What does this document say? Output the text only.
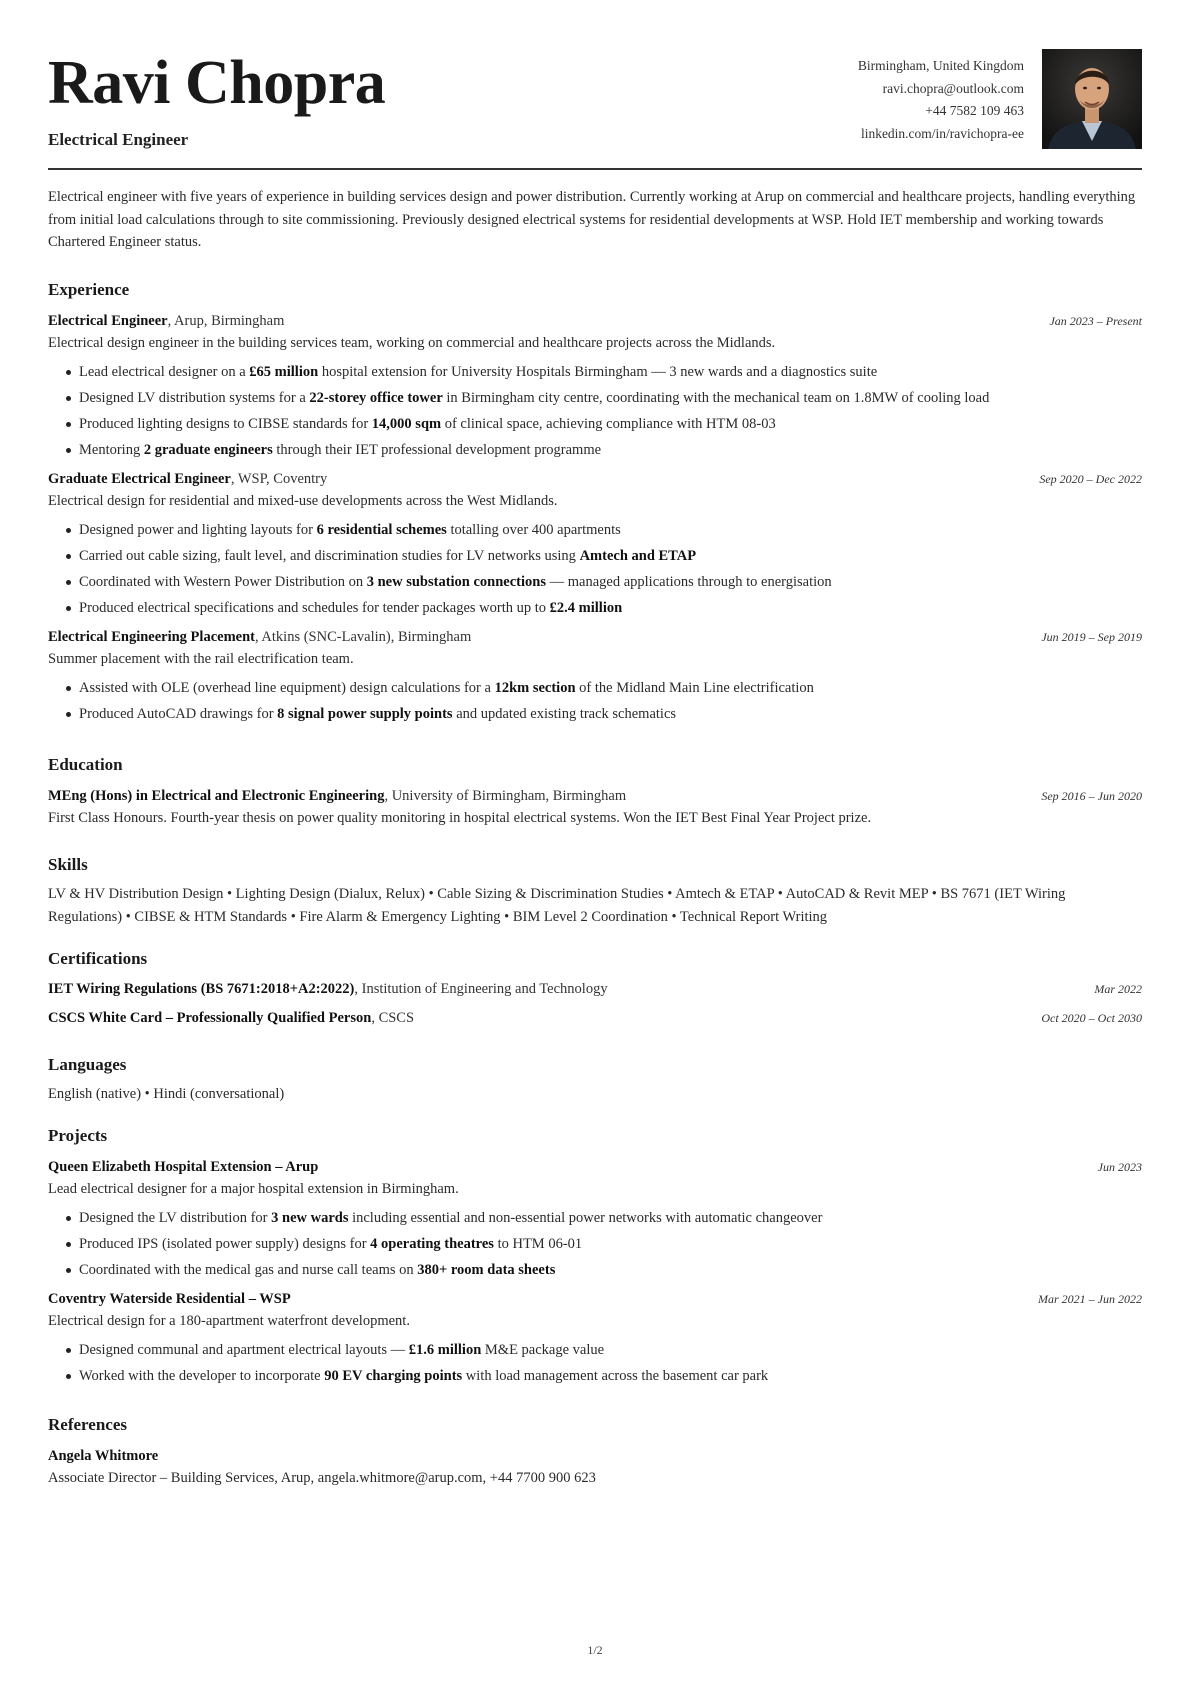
Ravi Chopra
Electrical Engineer
Birmingham, United Kingdom
ravi.chopra@outlook.com
+44 7582 109 463
linkedin.com/in/ravichopra-ee

Electrical engineer with five years of experience in building services design and power distribution. Currently working at Arup on commercial and healthcare projects, handling everything from initial load calculations through to site commissioning. Previously designed electrical systems for residential developments at WSP. Hold IET membership and working towards Chartered Engineer status.

Experience
Electrical Engineer, Arup, Birmingham	Jan 2023 – Present
Electrical design engineer in the building services team, working on commercial and healthcare projects across the Midlands.
Lead electrical designer on a £65 million hospital extension for University Hospitals Birmingham — 3 new wards and a diagnostics suite
Designed LV distribution systems for a 22-storey office tower in Birmingham city centre, coordinating with the mechanical team on 1.8MW of cooling load
Produced lighting designs to CIBSE standards for 14,000 sqm of clinical space, achieving compliance with HTM 08-03
Mentoring 2 graduate engineers through their IET professional development programme
Graduate Electrical Engineer, WSP, Coventry	Sep 2020 – Dec 2022
Electrical design for residential and mixed-use developments across the West Midlands.
Designed power and lighting layouts for 6 residential schemes totalling over 400 apartments
Carried out cable sizing, fault level, and discrimination studies for LV networks using Amtech and ETAP
Coordinated with Western Power Distribution on 3 new substation connections — managed applications through to energisation
Produced electrical specifications and schedules for tender packages worth up to £2.4 million
Electrical Engineering Placement, Atkins (SNC-Lavalin), Birmingham	Jun 2019 – Sep 2019
Summer placement with the rail electrification team.
Assisted with OLE (overhead line equipment) design calculations for a 12km section of the Midland Main Line electrification
Produced AutoCAD drawings for 8 signal power supply points and updated existing track schematics
Education
MEng (Hons) in Electrical and Electronic Engineering, University of Birmingham, Birmingham	Sep 2016 – Jun 2020
First Class Honours. Fourth-year thesis on power quality monitoring in hospital electrical systems. Won the IET Best Final Year Project prize.
Skills
LV & HV Distribution Design • Lighting Design (Dialux, Relux) • Cable Sizing & Discrimination Studies • Amtech & ETAP • AutoCAD & Revit MEP • BS 7671 (IET Wiring Regulations) • CIBSE & HTM Standards • Fire Alarm & Emergency Lighting • BIM Level 2 Coordination • Technical Report Writing
Certifications
IET Wiring Regulations (BS 7671:2018+A2:2022), Institution of Engineering and Technology	Mar 2022
CSCS White Card – Professionally Qualified Person, CSCS	Oct 2020 – Oct 2030
Languages
English (native) • Hindi (conversational)
Projects
Queen Elizabeth Hospital Extension – Arup	Jun 2023
Lead electrical designer for a major hospital extension in Birmingham.
Designed the LV distribution for 3 new wards including essential and non-essential power networks with automatic changeover
Produced IPS (isolated power supply) designs for 4 operating theatres to HTM 06-01
Coordinated with the medical gas and nurse call teams on 380+ room data sheets
Coventry Waterside Residential – WSP	Mar 2021 – Jun 2022
Electrical design for a 180-apartment waterfront development.
Designed communal and apartment electrical layouts — £1.6 million M&E package value
Worked with the developer to incorporate 90 EV charging points with load management across the basement car park
References
Angela Whitmore
Associate Director – Building Services, Arup, angela.whitmore@arup.com, +44 7700 900 623
1/2
